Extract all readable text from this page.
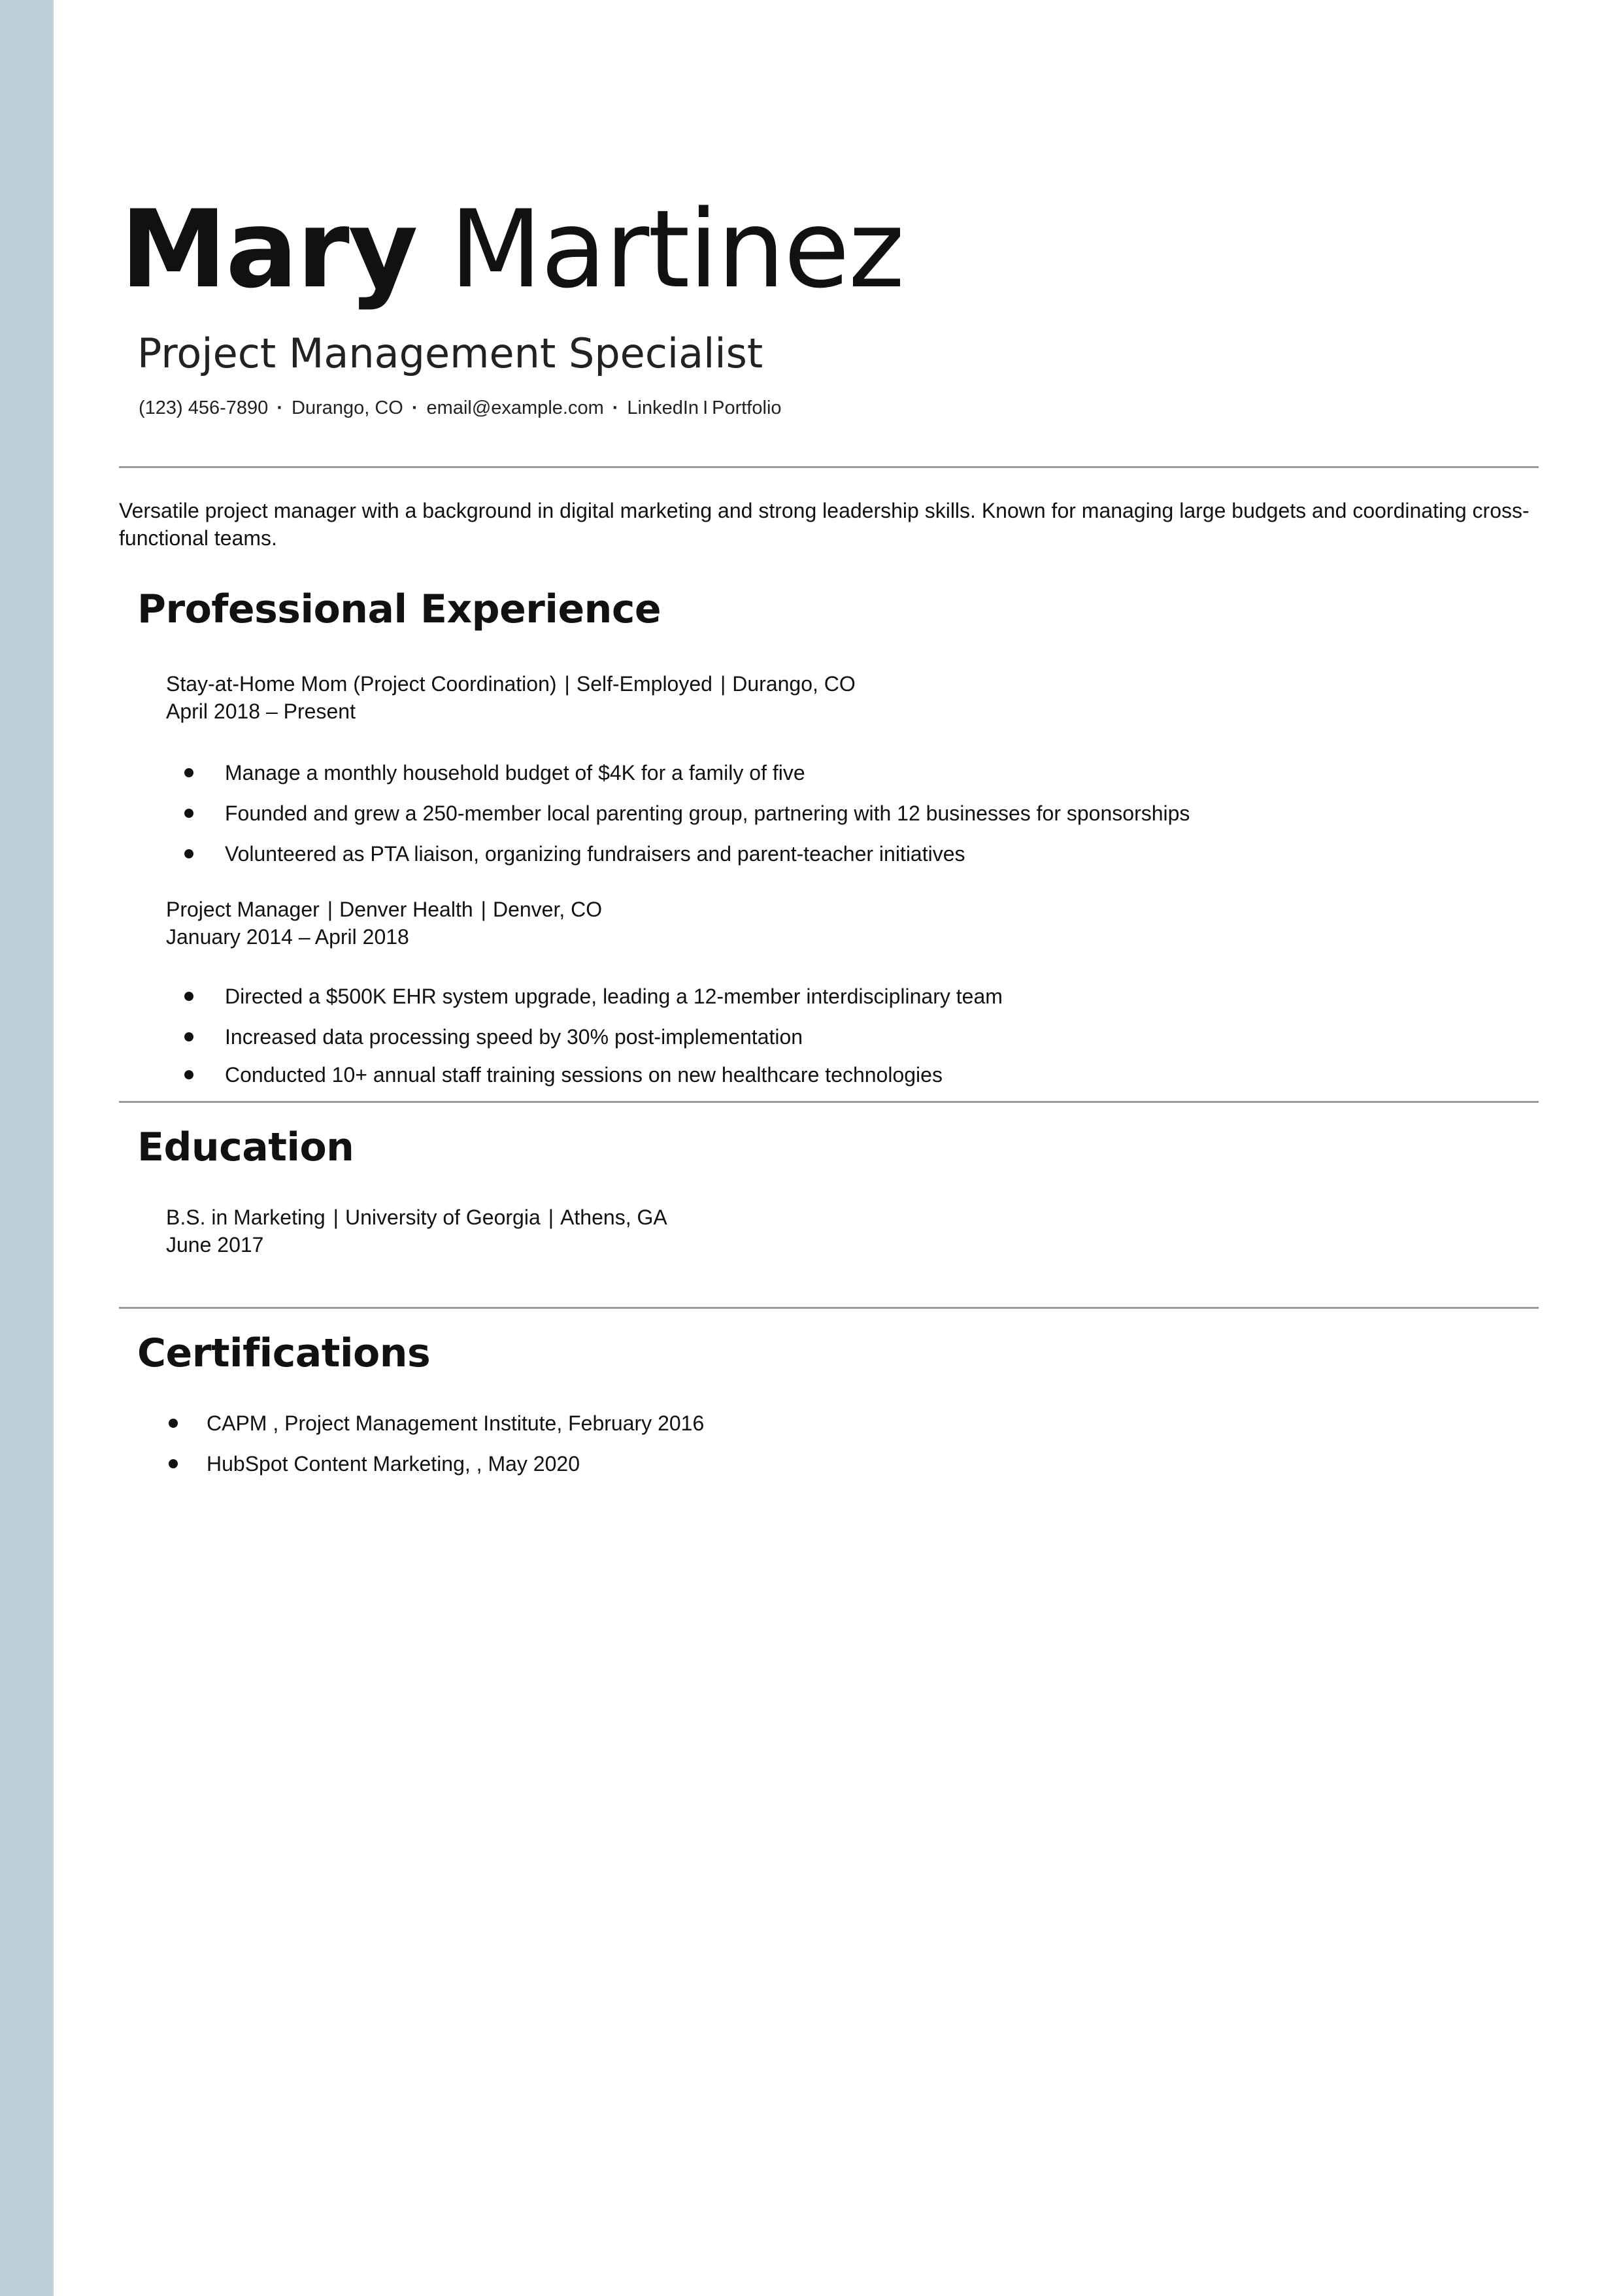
Mary Martinez
Project Management Specialist
(123) 456-7890 · Durango, CO · email@example.com · LinkedIn I Portfolio
Versatile project manager with a background in digital marketing and strong leadership skills. Known for managing large budgets and coordinating cross-functional teams.
Professional Experience
Stay-at-Home Mom (Project Coordination) | Self-Employed | Durango, CO
April 2018 – Present
Manage a monthly household budget of $4K for a family of five
Founded and grew a 250-member local parenting group, partnering with 12 businesses for sponsorships
Volunteered as PTA liaison, organizing fundraisers and parent-teacher initiatives
Project Manager | Denver Health | Denver, CO
January 2014 – April 2018
Directed a $500K EHR system upgrade, leading a 12-member interdisciplinary team
Increased data processing speed by 30% post-implementation
Conducted 10+ annual staff training sessions on new healthcare technologies
Education
B.S. in Marketing | University of Georgia | Athens, GA
June 2017
Certifications
CAPM , Project Management Institute, February 2016
HubSpot Content Marketing, , May 2020
